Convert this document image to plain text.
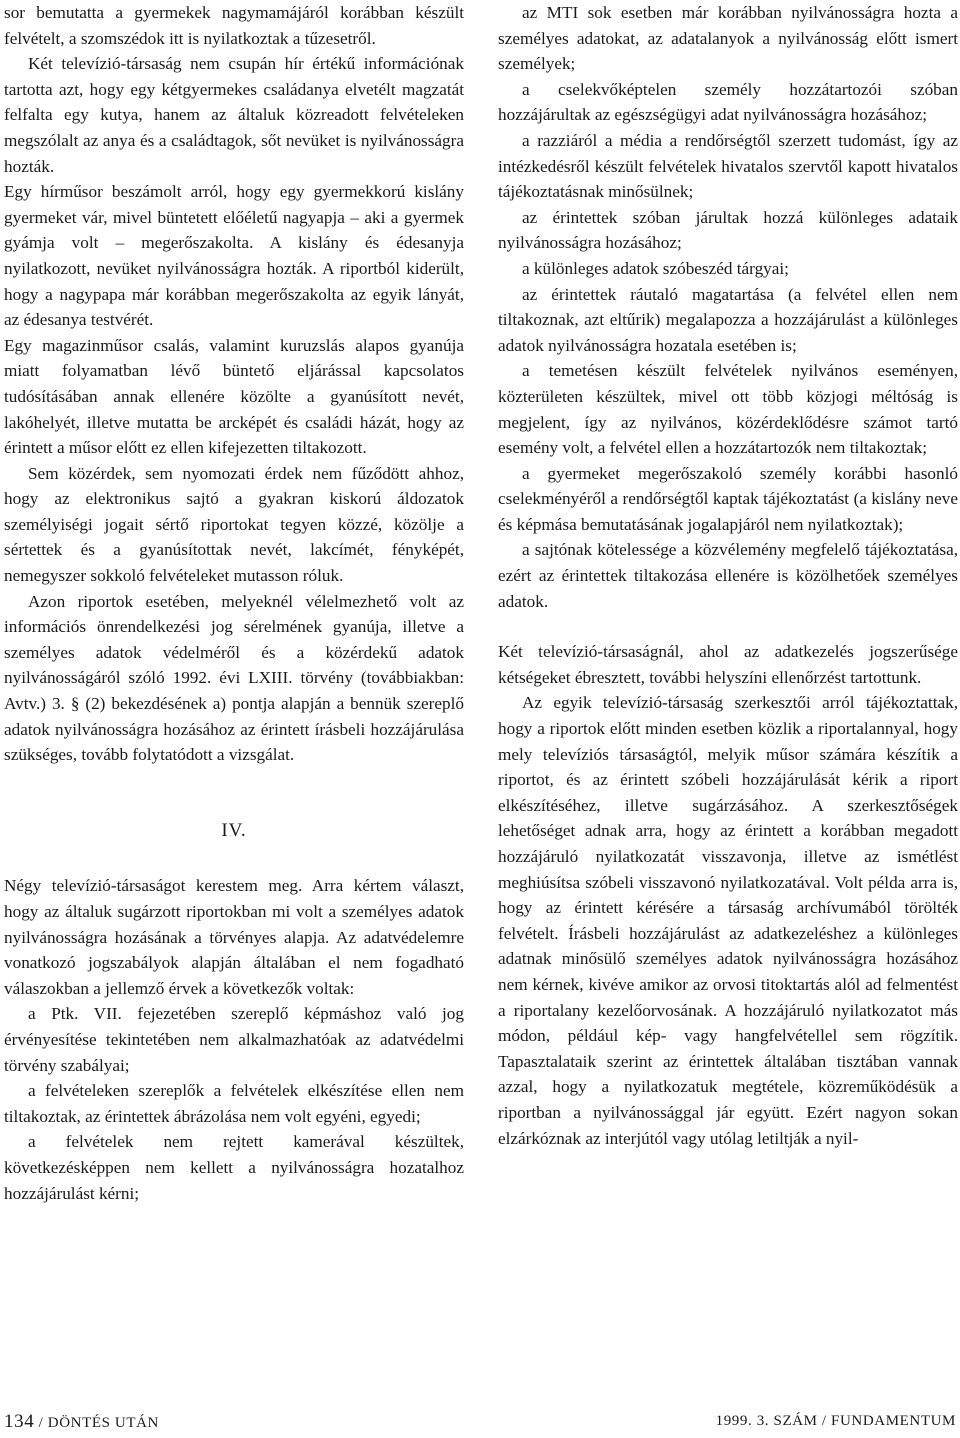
sor bemutatta a gyermekek nagymamájáról korábban készült felvételt, a szomszédok itt is nyilatkoztak a tűzesetről.

Két televízió-társaság nem csupán hír értékű információnak tartotta azt, hogy egy kétgyermekes családanya elvetélt magzatát felfalta egy kutya, hanem az általuk közreadott felvételeken megszólalt az anya és a családtagok, sőt nevüket is nyilvánosságra hozták.

Egy hírműsor beszámolt arról, hogy egy gyermekkorú kislány gyermeket vár, mivel büntetett előéletű nagyapja – aki a gyermek gyámja volt – megerőszakolta. A kislány és édesanyja nyilatkozott, nevüket nyilvánosságra hozták. A riportból kiderült, hogy a nagypapa már korábban megerőszakolta az egyik lányát, az édesanya testvérét.

Egy magazinműsor csalás, valamint kuruzslás alapos gyanúja miatt folyamatban lévő büntető eljárással kapcsolatos tudósításában annak ellenére közölte a gyanúsított nevét, lakóhelyét, illetve mutatta be arcképét és családi házát, hogy az érintett a műsor előtt ez ellen kifejezetten tiltakozott.

Sem közérdek, sem nyomozati érdek nem fűződött ahhoz, hogy az elektronikus sajtó a gyakran kiskorú áldozatok személyiségi jogait sértő riportokat tegyen közzé, közölje a sértettek és a gyanúsítottak nevét, lakcímét, fényképét, nemegyszer sokkoló felvételeket mutasson róluk.

Azon riportok esetében, melyeknél vélelmezhető volt az információs önrendelkezési jog sérelmének gyanúja, illetve a személyes adatok védelméről és a közérdekű adatok nyilvánosságáról szóló 1992. évi LXIII. törvény (továbbiakban: Avtv.) 3. § (2) bekezdésének a) pontja alapján a bennük szereplő adatok nyilvánosságra hozásához az érintett írásbeli hozzájárulása szükséges, tovább folytatódott a vizsgálat.

IV.

Négy televízió-társaságot kerestem meg. Arra kértem választ, hogy az általuk sugárzott riportokban mi volt a személyes adatok nyilvánosságra hozásának a törvényes alapja. Az adatvédelemre vonatkozó jogszabályok alapján általában el nem fogadható válaszokban a jellemző érvek a következők voltak:

a Ptk. VII. fejezetében szereplő képmáshoz való jog érvényesítése tekintetében nem alkalmazhatóak az adatvédelmi törvény szabályai;

a felvételeken szereplők a felvételek elkészítése ellen nem tiltakoztak, az érintettek ábrázolása nem volt egyéni, egyedi;

a felvételek nem rejtett kamerával készültek, következésképpen nem kellett a nyilvánosságra hozatalhoz hozzájárulást kérni;

az MTI sok esetben már korábban nyilvánosságra hozta a személyes adatokat, az adatalanyok a nyilvánosság előtt ismert személyek;

a cselekvőképtelen személy hozzátartozói szóban hozzájárultak az egészségügyi adat nyilvánosságra hozásához;

a razziáról a média a rendőrségtől szerzett tudomást, így az intézkedésről készült felvételek hivatalos szervtől kapott hivatalos tájékoztatásnak minősülnek;

az érintettek szóban járultak hozzá különleges adataik nyilvánosságra hozásához;

a különleges adatok szóbeszéd tárgyai;

az érintettek ráutaló magatartása (a felvétel ellen nem tiltakoznak, azt eltűrik) megalapozza a hozzájárulást a különleges adatok nyilvánosságra hozatala esetében is;

a temetésen készült felvételek nyilvános eseményen, közterületen készültek, mivel ott több közjogi méltóság is megjelent, így az nyilvános, közérdeklődésre számot tartó esemény volt, a felvétel ellen a hozzátartozók nem tiltakoztak;

a gyermeket megerőszakoló személy korábbi hasonló cselekményéről a rendőrségtől kaptak tájékoztatást (a kislány neve és képmása bemutatásának jogalapjáról nem nyilatkoztak);

a sajtónak kötelessége a közvélemény megfelelő tájékoztatása, ezért az érintettek tiltakozása ellenére is közölhetőek személyes adatok.

Két televízió-társaságnál, ahol az adatkezelés jogszerűsége kétségeket ébresztett, további helyszíni ellenőrzést tartottunk.

Az egyik televízió-társaság szerkesztői arról tájékoztattak, hogy a riportok előtt minden esetben közlik a riportalannyal, hogy mely televíziós társaságtól, melyik műsor számára készítik a riportot, és az érintett szóbeli hozzájárulását kérik a riport elkészítéséhez, illetve sugárzásához. A szerkesztőségek lehetőséget adnak arra, hogy az érintett a korábban megadott hozzájáruló nyilatkozatát visszavonja, illetve az ismétlést meghiúsítsa szóbeli visszavonó nyilatkozatával. Volt példa arra is, hogy az érintett kérésére a társaság archívumából törölték felvételt. Írásbeli hozzájárulást az adatkezeléshez a különleges adatnak minősülő személyes adatok nyilvánosságra hozásához nem kérnek, kivéve amikor az orvosi titoktartás alól ad felmentést a riportalany kezelőorvosának. A hozzájáruló nyilatkozatot más módon, például kép- vagy hangfelvétellel sem rögzítik. Tapasztalataik szerint az érintettek általában tisztában vannak azzal, hogy a nyilatkozatuk megtétele, közreműködésük a riportban a nyilvánossággal jár együtt. Ezért nagyon sokan elzárkóznak az interjútól vagy utólag letiltják a nyil-

134 / DÖNTÉS UTÁN	1999. 3. SZÁM / FUNDAMENTUM
